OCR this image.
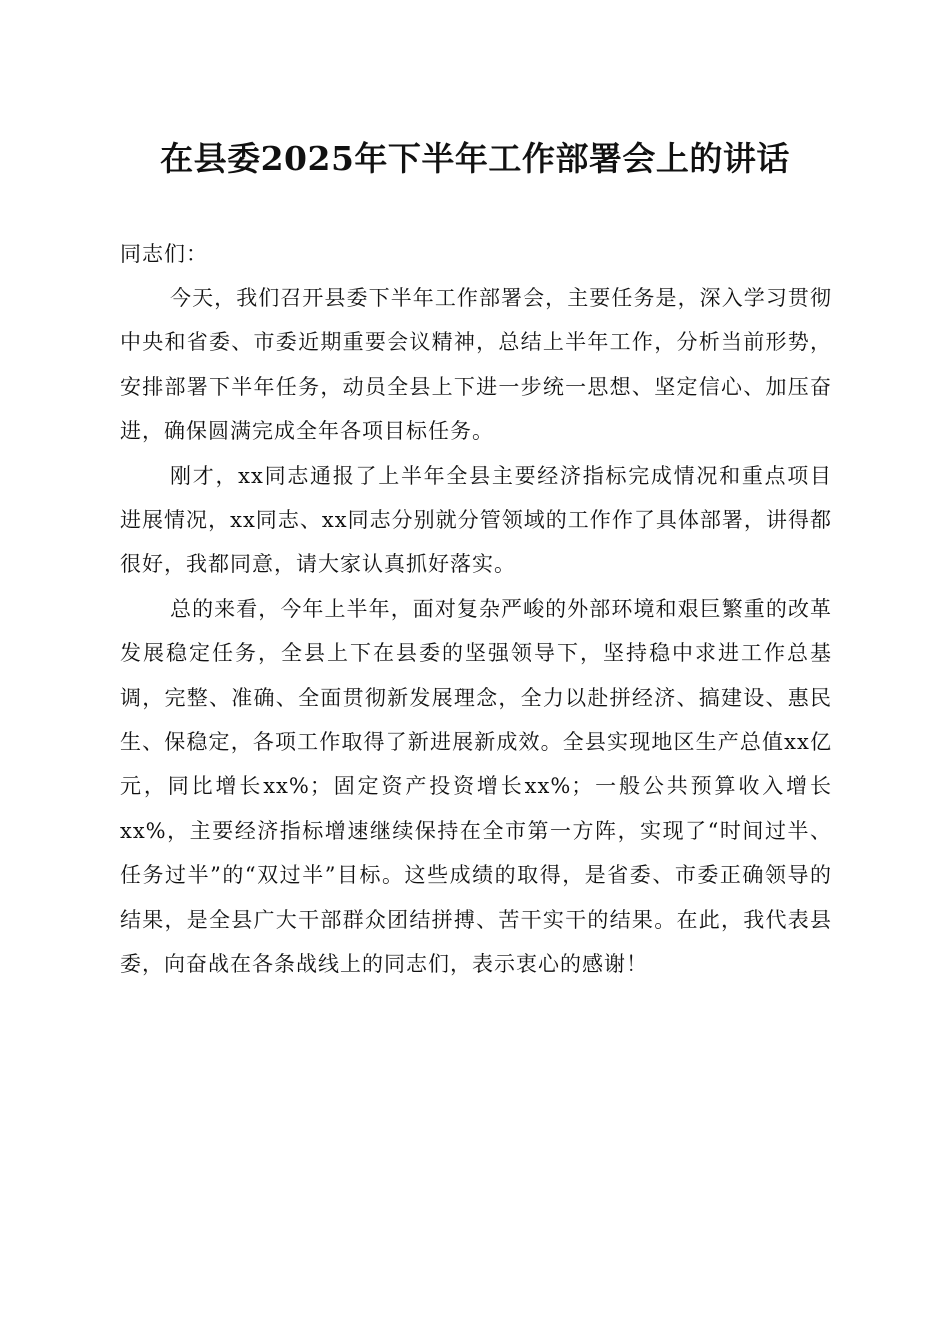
在县委2025年下半年工作部署会上的讲话

同志们：

今天，我们召开县委下半年工作部署会，主要任务是，深入学习贯彻中央和省委、市委近期重要会议精神，总结上半年工作，分析当前形势，安排部署下半年任务，动员全县上下进一步统一思想、坚定信心、加压奋进，确保圆满完成全年各项目标任务。

刚才，xx同志通报了上半年全县主要经济指标完成情况和重点项目进展情况，xx同志、xx同志分别就分管领域的工作作了具体部署，讲得都很好，我都同意，请大家认真抓好落实。

总的来看，今年上半年，面对复杂严峻的外部环境和艰巨繁重的改革发展稳定任务，全县上下在县委的坚强领导下，坚持稳中求进工作总基调，完整、准确、全面贯彻新发展理念，全力以赴拼经济、搞建设、惠民生、保稳定，各项工作取得了新进展新成效。全县实现地区生产总值xx亿元，同比增长xx%；固定资产投资增长xx%；一般公共预算收入增长xx%，主要经济指标增速继续保持在全市第一方阵，实现了“时间过半、任务过半”的“双过半”目标。这些成绩的取得，是省委、市委正确领导的结果，是全县广大干部群众团结拼搏、苦干实干的结果。在此，我代表县委，向奋战在各条战线上的同志们，表示衷心的感谢！
